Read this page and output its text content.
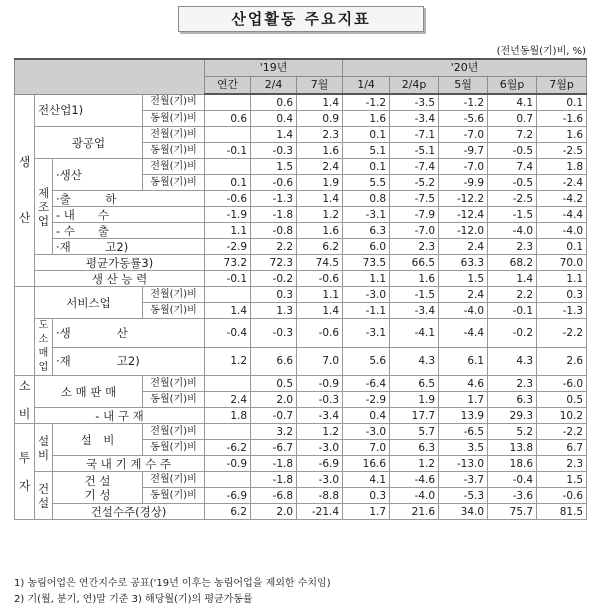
산업활동 주요지표
(전년동월(기)비, %)
				'19년			'20년				
				연간	2/4	7월	1/4	2/4p	5월	6월p	7월p
생

산	전산업1)		전월(기)비		0.6	1.4	-1.2	-3.5	-1.2	4.1	0.1
			동월(기)비	0.6	0.4	0.9	1.6	-3.4	-5.6	0.7	-1.6
	광공업		전월(기)비		1.4	2.3	0.1	-7.1	-7.0	7.2	1.6
			동월(기)비	-0.1	-0.3	1.6	5.1	-5.1	-9.7	-0.5	-2.5
	제
조
업	·생산	전월(기)비		1.5	2.4	0.1	-7.4	-7.0	7.4	1.8
			동월(기)비	0.1	-0.6	1.9	5.5	-5.2	-9.9	-0.5	-2.4
		·출　　　하		-0.6	-1.3	1.4	0.8	-7.5	-12.2	-2.5	-4.2
		- 내　　수		-1.9	-1.8	1.2	-3.1	-7.9	-12.4	-1.5	-4.4
		- 수　　출		1.1	-0.8	1.6	6.3	-7.0	-12.0	-4.0	-4.0
		·재　　　고2)		-2.9	2.2	6.2	6.0	2.3	2.4	2.3	0.1
	평균가동률3)			73.2	72.3	74.5	73.5	66.5	63.3	68.2	70.0
	생 산 능 력			-0.1	-0.2	-0.6	1.1	1.6	1.5	1.4	1.1
	서비스업		전월(기)비		0.3	1.1	-3.0	-1.5	2.4	2.2	0.3
			동월(기)비	1.4	1.3	1.4	-1.1	-3.4	-4.0	-0.1	-1.3
	도
소
매
업	·생　　　　산		-0.4	-0.3	-0.6	-3.1	-4.1	-4.4	-0.2	-2.2
		·재　　　　고2)		1.2	6.6	7.0	5.6	4.3	6.1	4.3	2.6
소

비	소 매 판 매		전월(기)비		0.5	-0.9	-6.4	6.5	4.6	2.3	-6.0
			동월(기)비	2.4	2.0	-0.3	-2.9	1.9	1.7	6.3	0.5
	- 내 구 재			1.8	-0.7	-3.4	0.4	17.7	13.9	29.3	10.2
투

자	설
비	설　비	전월(기)비		3.2	1.2	-3.0	5.7	-6.5	5.2	-2.2
			동월(기)비	-6.2	-6.7	-3.0	7.0	6.3	3.5	13.8	6.7
		국 내 기 계 수 주		-0.9	-1.8	-6.9	16.6	1.2	-13.0	18.6	2.3
	건
설	건 설
기 성	전월(기)비		-1.8	-3.0	4.1	-4.6	-3.7	-0.4	1.5
			동월(기)비	-6.9	-6.8	-8.8	0.3	-4.0	-5.3	-3.6	-0.6
		건설수주(경상)		6.2	2.0	-21.4	1.7	21.6	34.0	75.7	81.5
1) 농림어업은 연간지수로 공표('19년 이후는 농림어업을 제외한 수치임)
2) 기(월, 분기, 연)말 기준 3) 해당월(기)의 평균가동률
